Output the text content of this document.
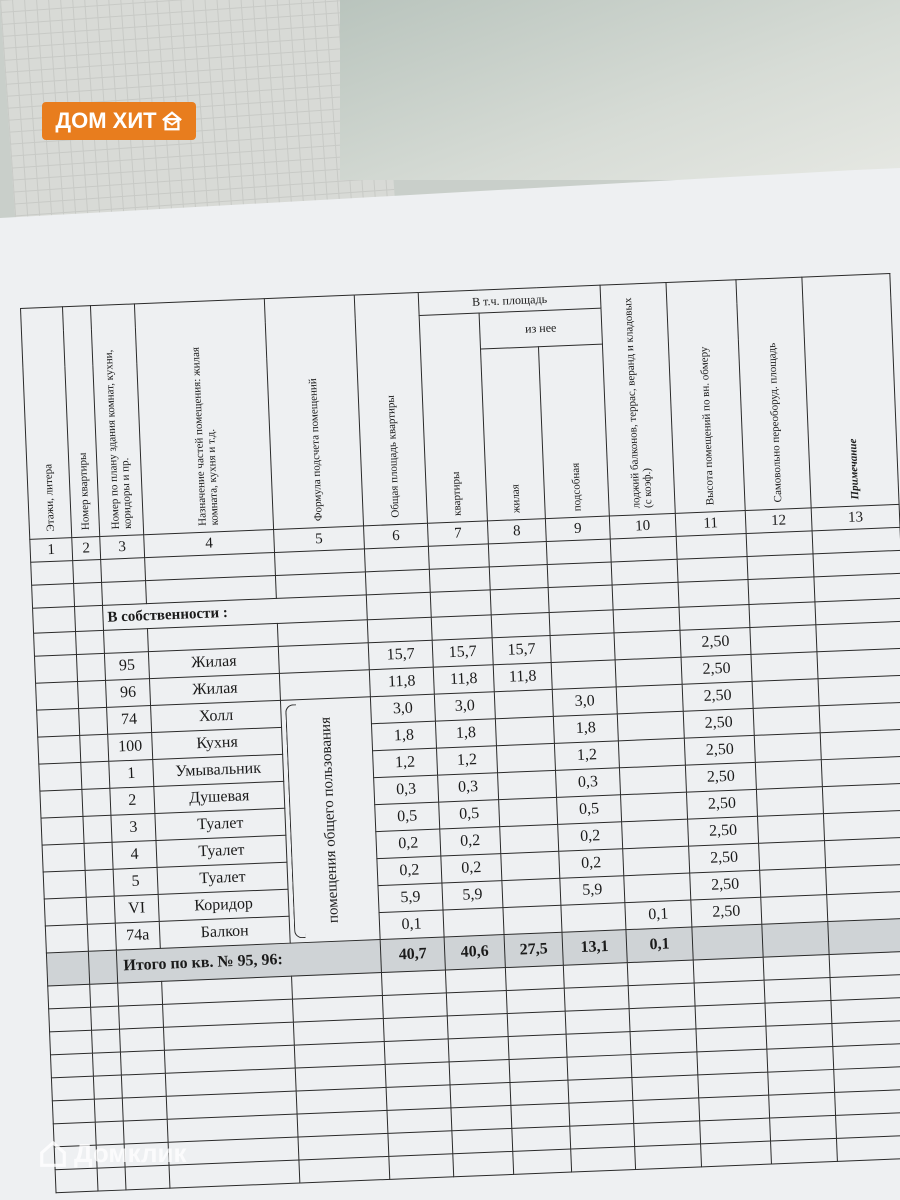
ДОМ ХИТ
Этажи, литера	Номер квартиры	Номер по плану здания комнат, кухни, коридоры и пр.	Назначение частей помещения: жилая комната, кухня и т.д.	Формула подсчета помещений	Общая площадь квартиры	В т.ч. площадь			лоджий балконов, террас, веранд и кладовых (с коэф.)	Высота помещений по вн. обмеру	Самовольно переоборуд. площадь	Примечание

						квартиры	из нее					

							жилая	подсобная				

1	2	3	4	5	6	7	8	9	10	11	12	13

		В собственности :										

		95	Жилая		15,7	15,7	15,7			2,50		
		96	Жилая		11,8	11,8	11,8			2,50		
		74	Холл	помещения общего пользования	3,0	3,0		3,0		2,50		
		100	Кухня		1,8	1,8		1,8		2,50		
		1	Умывальник		1,2	1,2		1,2		2,50		
		2	Душевая		0,3	0,3		0,3		2,50		
		3	Туалет		0,5	0,5		0,5		2,50		
		4	Туалет		0,2	0,2		0,2		2,50		
		5	Туалет		0,2	0,2		0,2		2,50		
		VI	Коридор		5,9	5,9		5,9		2,50		
		74а	Балкон		0,1				0,1	2,50		
		Итого по кв. № 95, 96:			40,7	40,6	27,5	13,1	0,1			

Домклик
